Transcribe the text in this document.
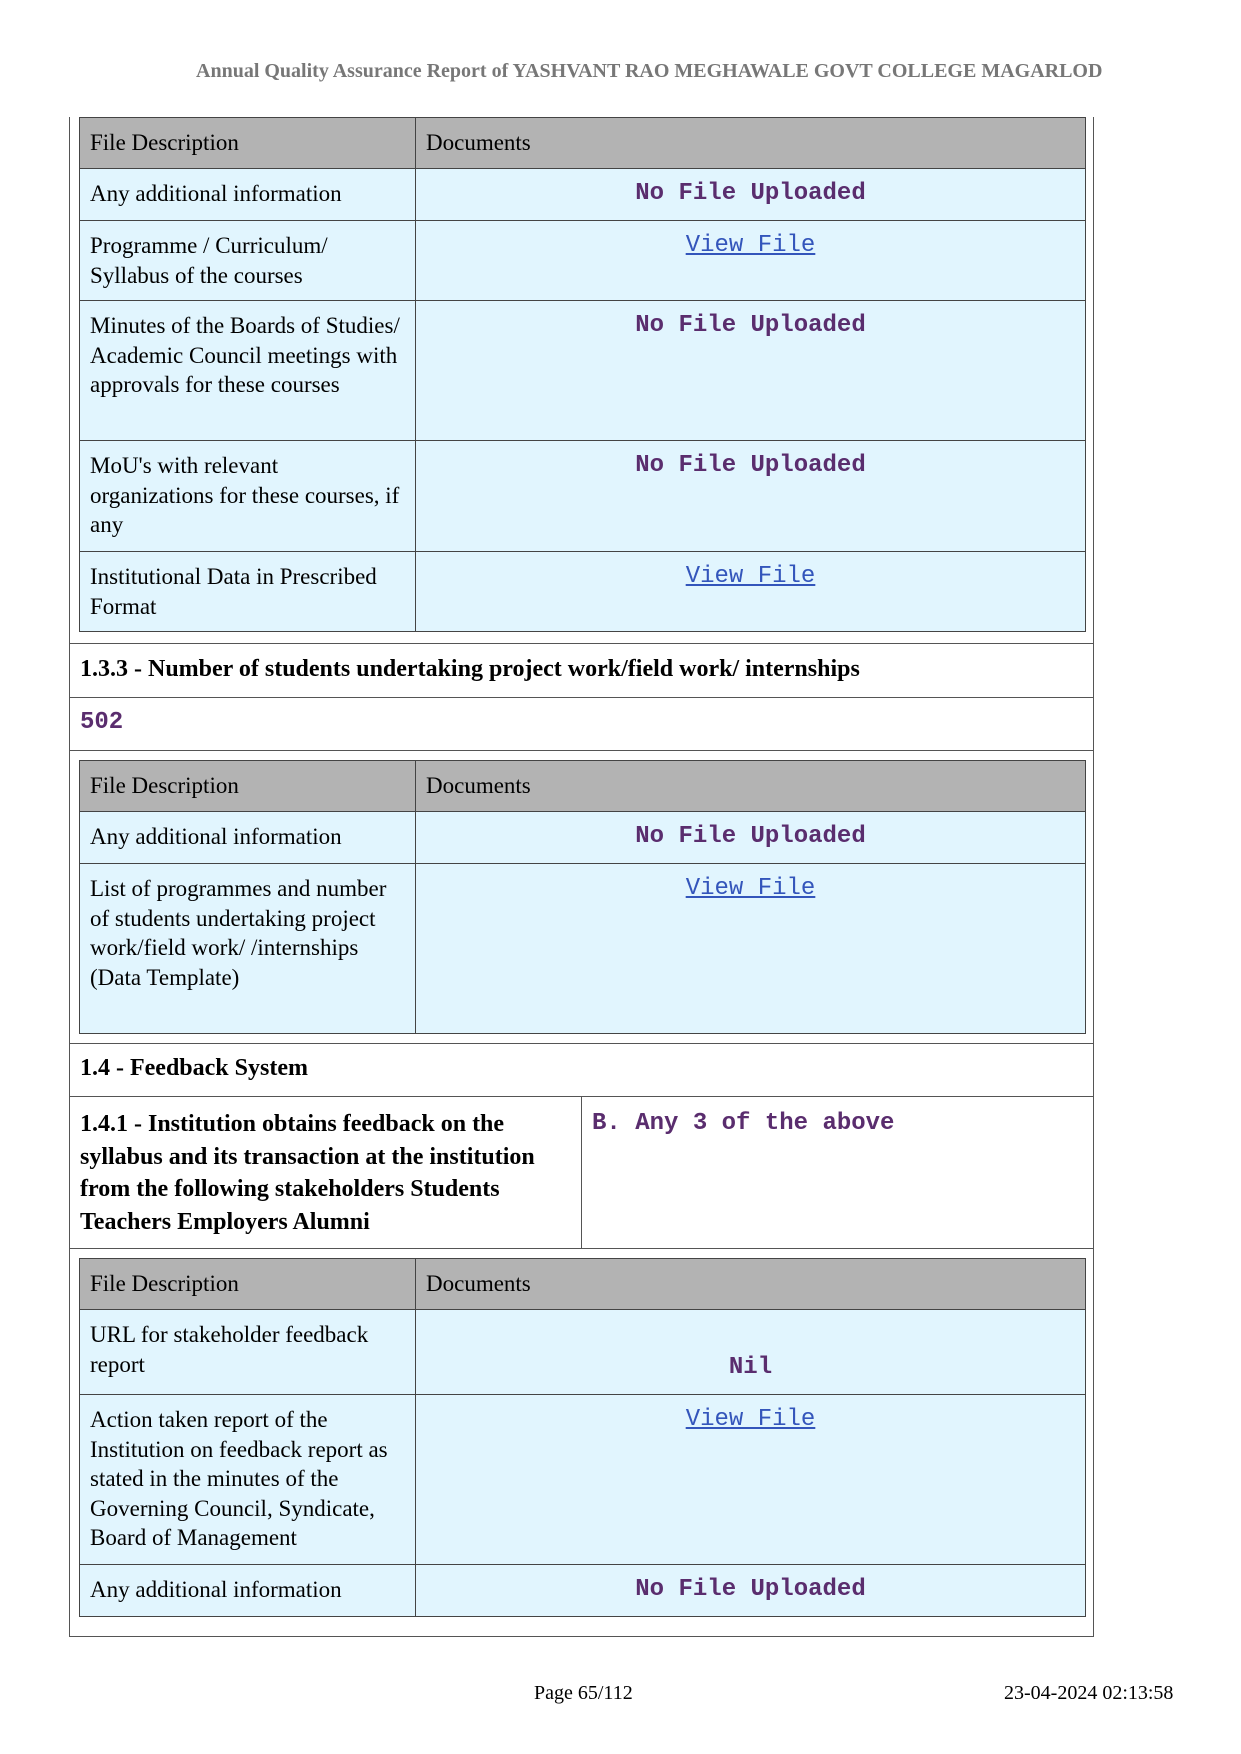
Annual Quality Assurance Report of YASHVANT RAO MEGHAWALE GOVT COLLEGE MAGARLOD
File Description	Documents
Any additional information	No File Uploaded
Programme / Curriculum/ Syllabus of the courses	View File
Minutes of the Boards of Studies/ Academic Council meetings with approvals for these courses	No File Uploaded
MoU's with relevant organizations for these courses, if any	No File Uploaded
Institutional Data in Prescribed Format	View File
1.3.3 - Number of students undertaking project work/field work/ internships
502
File Description	Documents
Any additional information	No File Uploaded
List of programmes and number of students undertaking project work/field work/ /internships (Data Template)	View File
1.4 - Feedback System
1.4.1 - Institution obtains feedback on the syllabus and its transaction at the institution from the following stakeholders Students Teachers Employers Alumni
B. Any 3 of the above
File Description	Documents
URL for stakeholder feedback report	Nil
Action taken report of the Institution on feedback report as stated in the minutes of the Governing Council, Syndicate, Board of Management	View File
Any additional information	No File Uploaded
Page 65/112	23-04-2024 02:13:58
